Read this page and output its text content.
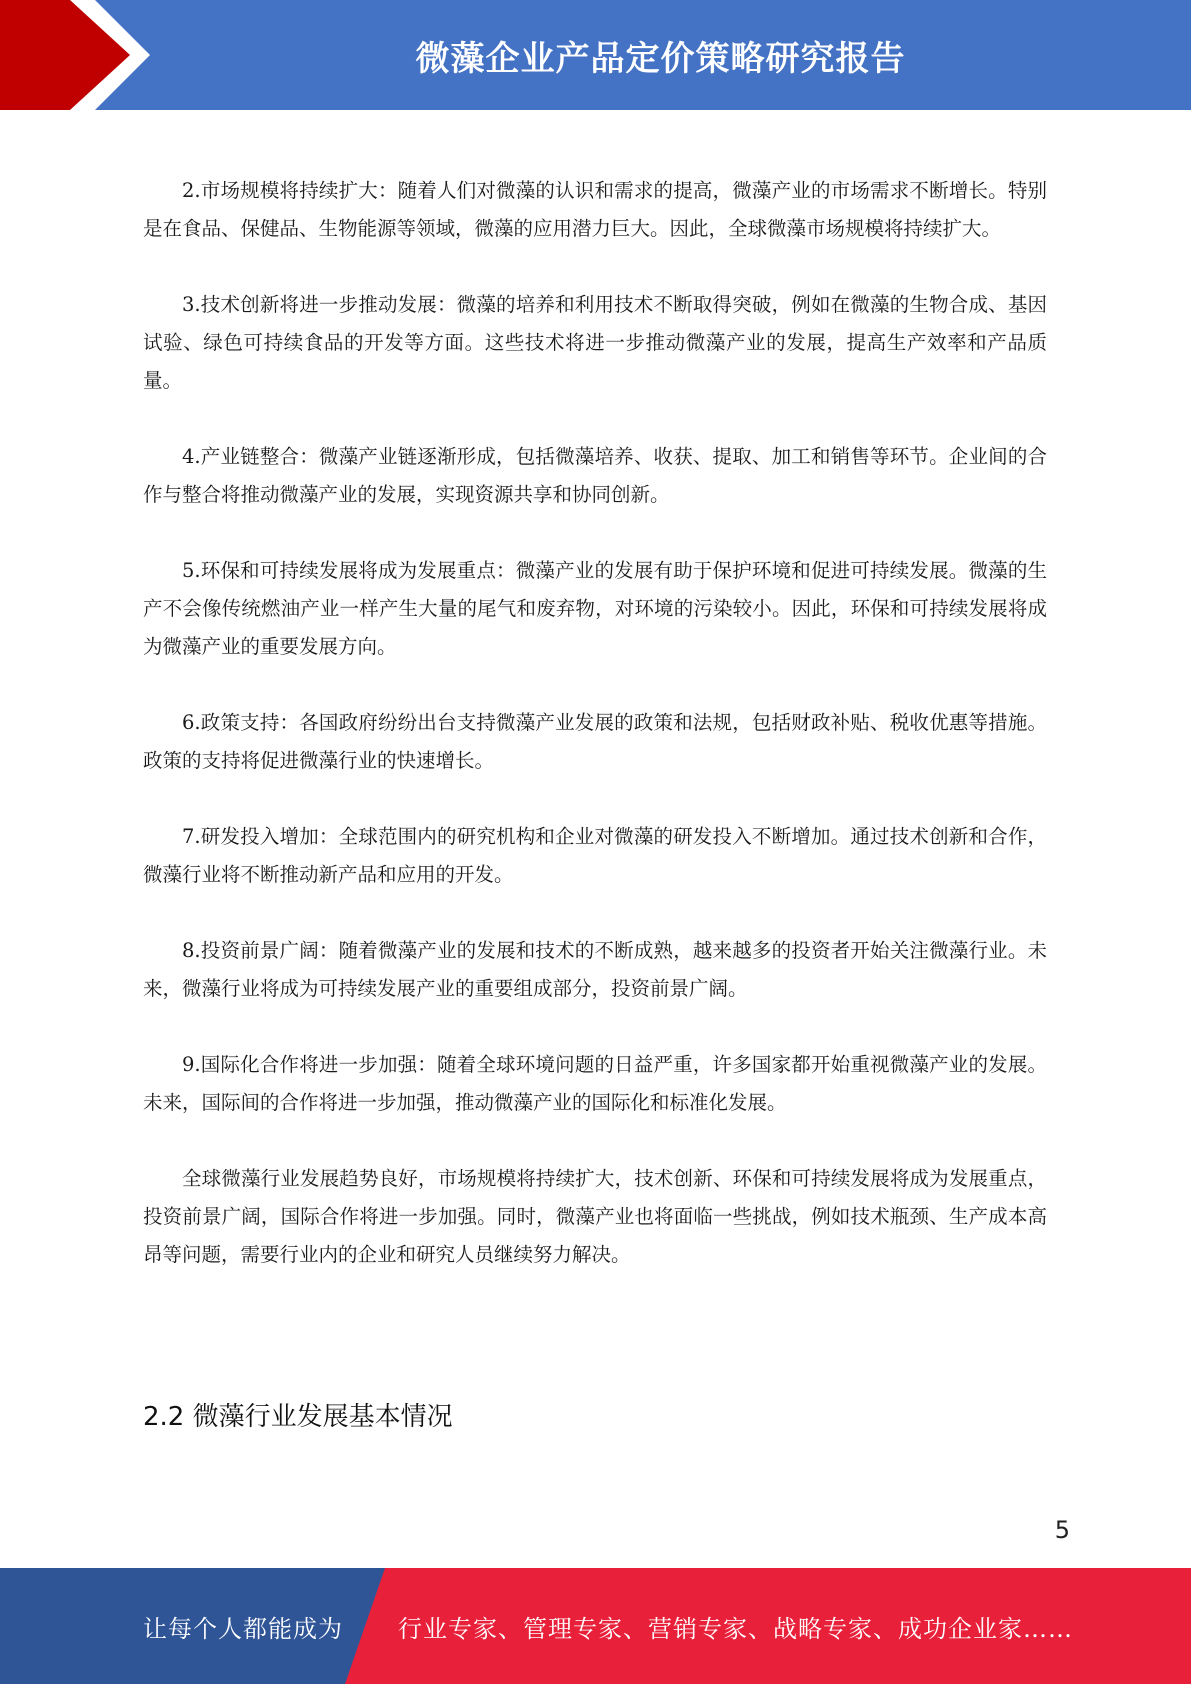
微藻企业产品定价策略研究报告

2.市场规模将持续扩大：随着人们对微藻的认识和需求的提高，微藻产业的市场需求不断增长。特别是在食品、保健品、生物能源等领域，微藻的应用潜力巨大。因此，全球微藻市场规模将持续扩大。

3.技术创新将进一步推动发展：微藻的培养和利用技术不断取得突破，例如在微藻的生物合成、基因试验、绿色可持续食品的开发等方面。这些技术将进一步推动微藻产业的发展，提高生产效率和产品质量。

4.产业链整合：微藻产业链逐渐形成，包括微藻培养、收获、提取、加工和销售等环节。企业间的合作与整合将推动微藻产业的发展，实现资源共享和协同创新。

5.环保和可持续发展将成为发展重点：微藻产业的发展有助于保护环境和促进可持续发展。微藻的生产不会像传统燃油产业一样产生大量的尾气和废弃物，对环境的污染较小。因此，环保和可持续发展将成为微藻产业的重要发展方向。

6.政策支持：各国政府纷纷出台支持微藻产业发展的政策和法规，包括财政补贴、税收优惠等措施。政策的支持将促进微藻行业的快速增长。

7.研发投入增加：全球范围内的研究机构和企业对微藻的研发投入不断增加。通过技术创新和合作，微藻行业将不断推动新产品和应用的开发。

8.投资前景广阔：随着微藻产业的发展和技术的不断成熟，越来越多的投资者开始关注微藻行业。未来，微藻行业将成为可持续发展产业的重要组成部分，投资前景广阔。

9.国际化合作将进一步加强：随着全球环境问题的日益严重，许多国家都开始重视微藻产业的发展。未来，国际间的合作将进一步加强，推动微藻产业的国际化和标准化发展。

全球微藻行业发展趋势良好，市场规模将持续扩大，技术创新、环保和可持续发展将成为发展重点，投资前景广阔，国际合作将进一步加强。同时，微藻产业也将面临一些挑战，例如技术瓶颈、生产成本高昂等问题，需要行业内的企业和研究人员继续努力解决。

2.2 微藻行业发展基本情况
5
让每个人都能成为 行业专家、管理专家、营销专家、战略专家、成功企业家……
